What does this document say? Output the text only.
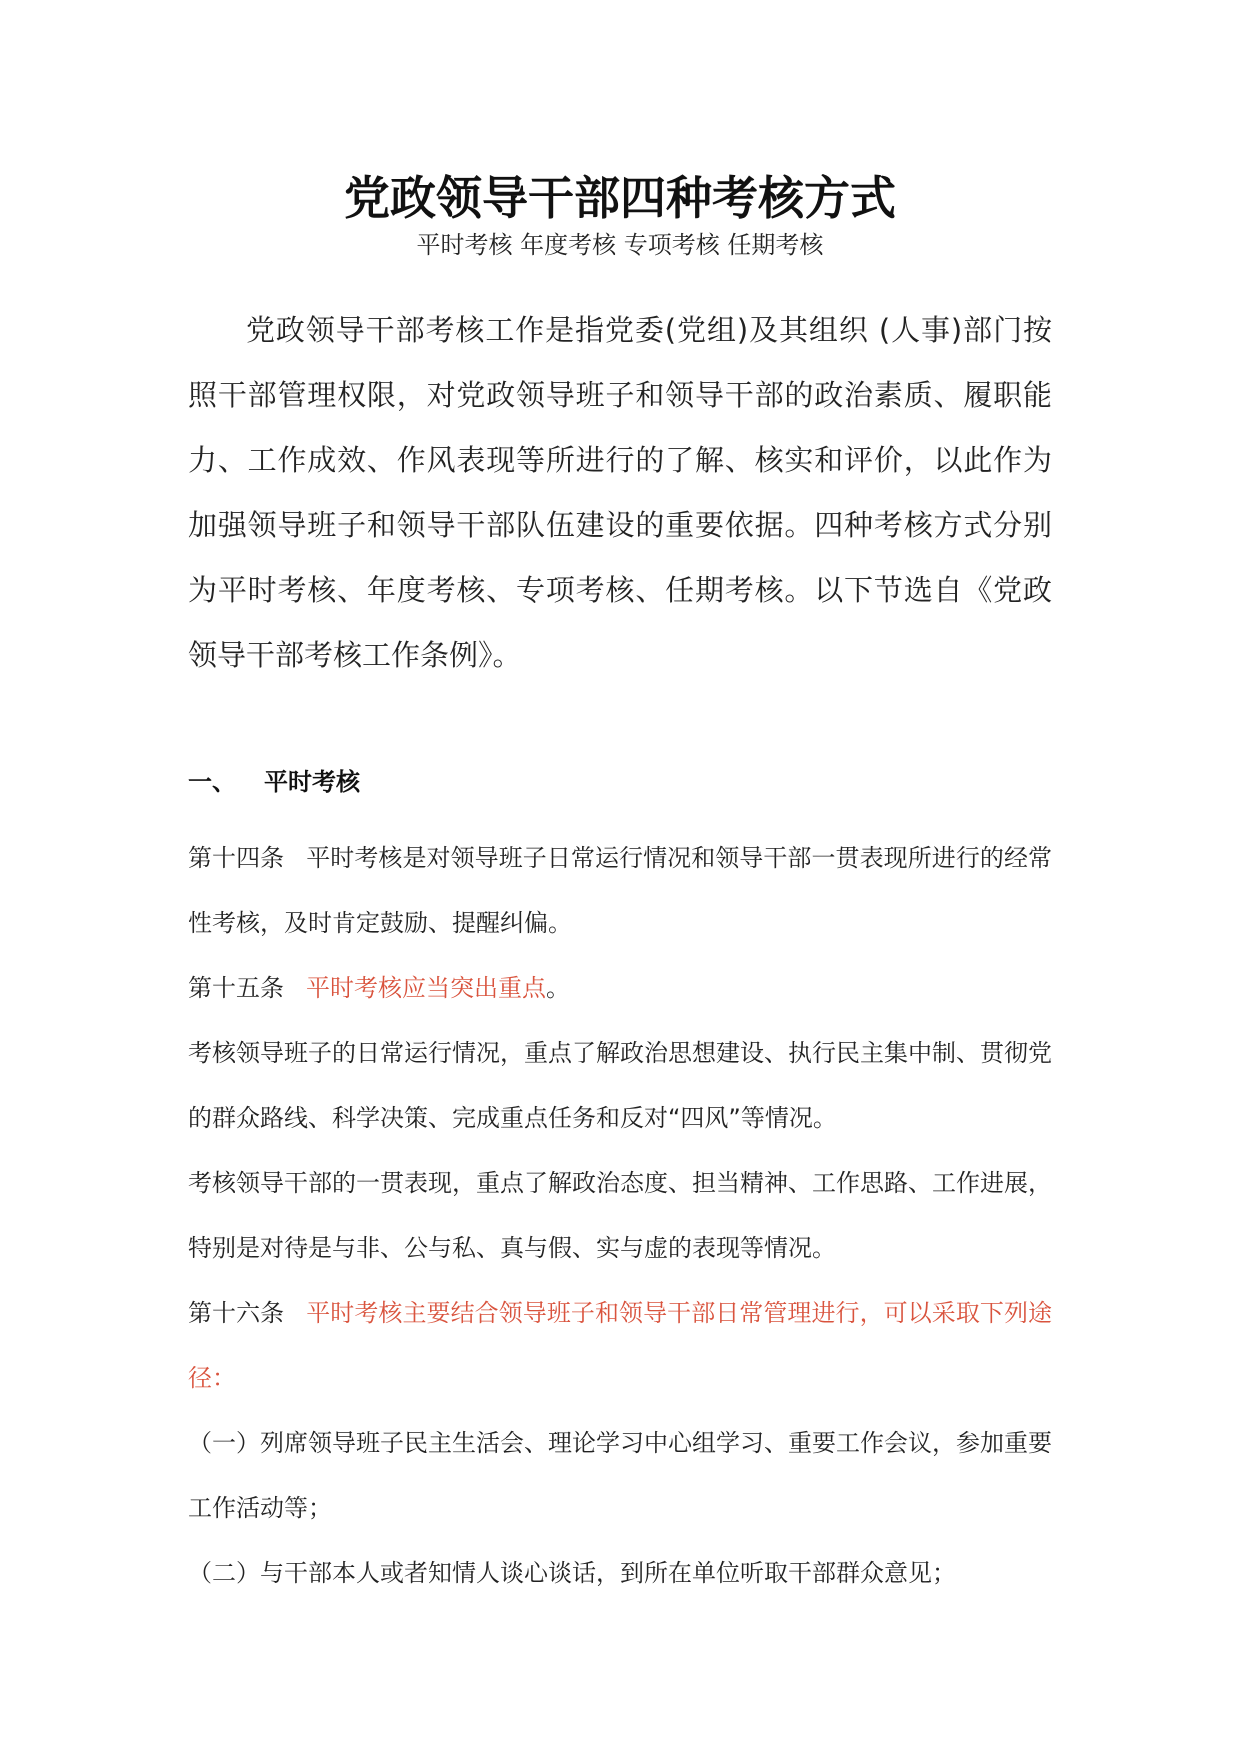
党政领导干部四种考核方式
平时考核 年度考核 专项考核 任期考核

党政领导干部考核工作是指党委(党组)及其组织 (人事)部门按照干部管理权限，对党政领导班子和领导干部的政治素质、履职能力、工作成效、作风表现等所进行的了解、核实和评价，以此作为加强领导班子和领导干部队伍建设的重要依据。四种考核方式分别为平时考核、年度考核、专项考核、任期考核。以下节选自《党政领导干部考核工作条例》。

一、 平时考核

第十四条 平时考核是对领导班子日常运行情况和领导干部一贯表现所进行的经常性考核，及时肯定鼓励、提醒纠偏。

第十五条 平时考核应当突出重点。

考核领导班子的日常运行情况，重点了解政治思想建设、执行民主集中制、贯彻党的群众路线、科学决策、完成重点任务和反对“四风”等情况。

考核领导干部的一贯表现，重点了解政治态度、担当精神、工作思路、工作进展，特别是对待是与非、公与私、真与假、实与虚的表现等情况。

第十六条 平时考核主要结合领导班子和领导干部日常管理进行，可以采取下列途径：

（一）列席领导班子民主生活会、理论学习中心组学习、重要工作会议，参加重要工作活动等；

（二）与干部本人或者知情人谈心谈话，到所在单位听取干部群众意见；
